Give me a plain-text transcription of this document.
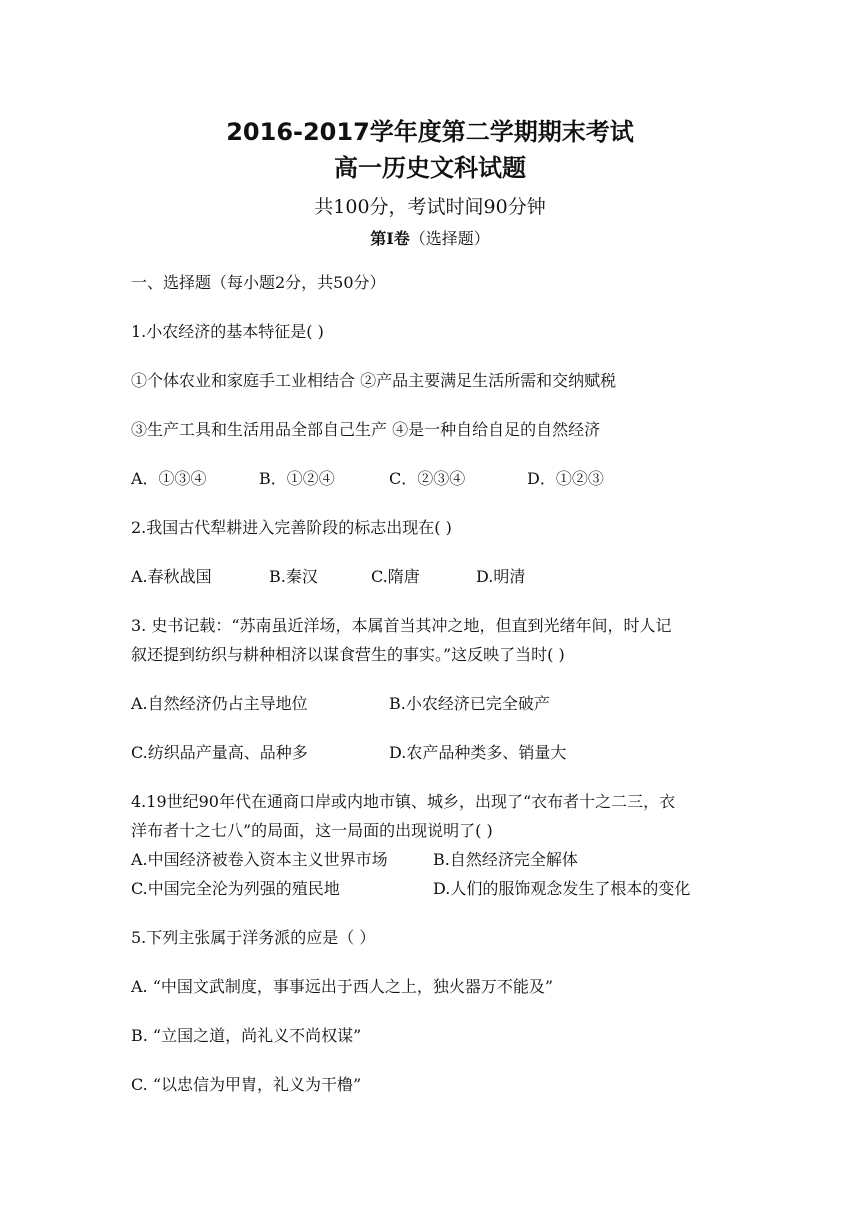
2016-2017学年度第二学期期末考试
高一历史文科试题
共100分，考试时间90分钟
第Ⅰ卷（选择题）
一、选择题（每小题2分，共50分）
1.小农经济的基本特征是( )
①个体农业和家庭手工业相结合 ②产品主要满足生活所需和交纳赋税
③生产工具和生活用品全部自己生产 ④是一种自给自足的自然经济
A．①③④	B．①②④	C．②③④	D．①②③
2.我国古代犁耕进入完善阶段的标志出现在( )
A.春秋战国	B.秦汉	C.隋唐	D.明清
3. 史书记载：“苏南虽近洋场，本属首当其冲之地，但直到光绪年间，时人记
叙还提到纺织与耕种相济以谋食营生的事实。”这反映了当时( )
A.自然经济仍占主导地位	B.小农经济已完全破产
C.纺织品产量高、品种多	D.农产品种类多、销量大
4.19世纪90年代在通商口岸或内地市镇、城乡，出现了“衣布者十之二三，衣
洋布者十之七八”的局面，这一局面的出现说明了( )
A.中国经济被卷入资本主义世界市场	B.自然经济完全解体
C.中国完全沦为列强的殖民地	D.人们的服饰观念发生了根本的变化
5.下列主张属于洋务派的应是（ ）
A. “中国文武制度，事事远出于西人之上，独火器万不能及”
B. “立国之道，尚礼义不尚权谋”
C. “以忠信为甲胄，礼义为干橹”
